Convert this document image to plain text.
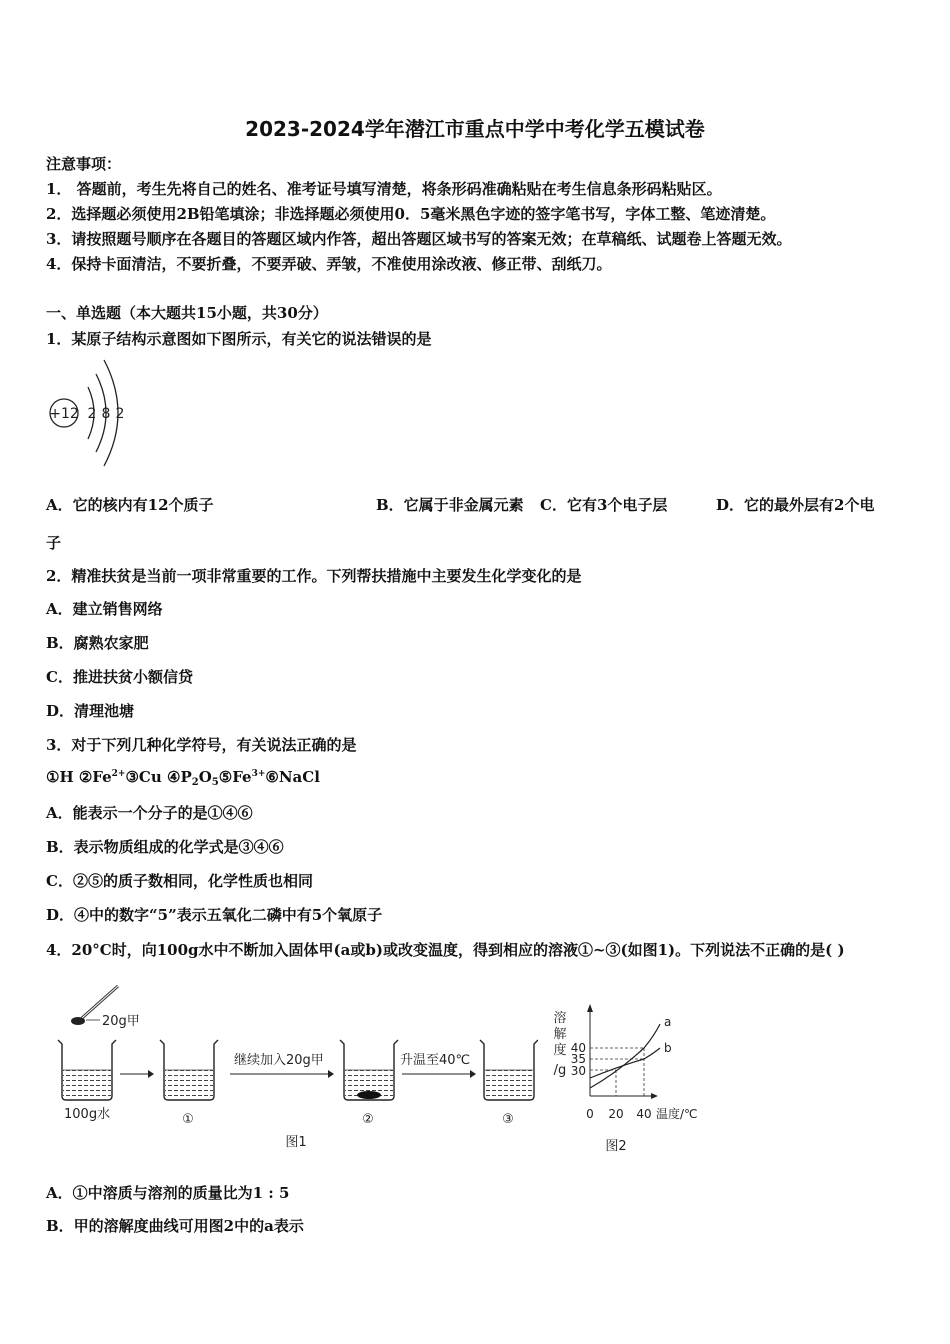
2023-2024学年潜江市重点中学中考化学五模试卷
注意事项：
1． 答题前，考生先将自己的姓名、准考证号填写清楚，将条形码准确粘贴在考生信息条形码粘贴区。
2．选择题必须使用2B铅笔填涂；非选择题必须使用0．5毫米黑色字迹的签字笔书写，字体工整、笔迹清楚。
3．请按照题号顺序在各题目的答题区域内作答，超出答题区域书写的答案无效；在草稿纸、试题卷上答题无效。
4．保持卡面清洁，不要折叠，不要弄破、弄皱，不准使用涂改液、修正带、刮纸刀。
一、单选题（本大题共15小题，共30分）
1．某原子结构示意图如下图所示，有关它的说法错误的是
+12 2 8 2
A．它的核内有12个质子	B．它属于非金属元素 C．它有3个电子层	D．它的最外层有2个电
子
2．精准扶贫是当前一项非常重要的工作。下列帮扶措施中主要发生化学变化的是
A．建立销售网络
B．腐熟农家肥
C．推进扶贫小额信贷
D．清理池塘
3．对于下列几种化学符号，有关说法正确的是
①H $②Fe^{2+}③Cu$ $④P_2O_5⑤Fe^{3+}⑥NaCl$
A．能表示一个分子的是①④⑥
B．表示物质组成的化学式是③④⑥
C．②⑤的质子数相同，化学性质也相同
D．④中的数字“5”表示五氧化二磷中有5个氧原子
4．20°C时，向100g水中不断加入固体甲(a或b)或改变温度，得到相应的溶液①~③(如图1)。下列说法不正确的是( )
20g甲
100g水	①
继续加入20g甲
②
升温至40℃
③
图1
溶
解
度
/g
40
35
30
a
b
0 20 40 温度/℃
图2
A．①中溶质与溶剂的质量比为1 : 5
B．甲的溶解度曲线可用图2中的a表示
